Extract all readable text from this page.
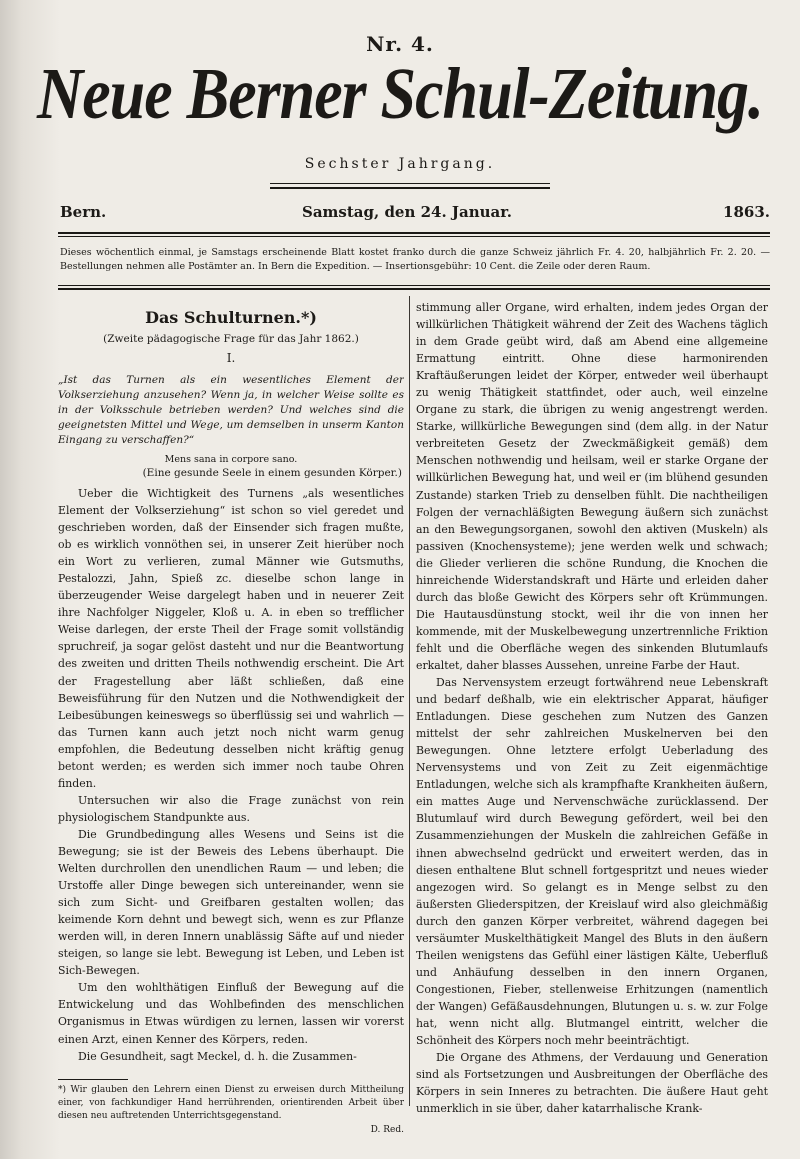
Nr. 4.
Neue Berner Schul-Zeitung.
Sechster Jahrgang.
Bern.	Samstag, den 24. Januar.	1863.
Dieses wöchentlich einmal, je Samstags erscheinende Blatt kostet franko durch die ganze Schweiz jährlich Fr. 4. 20, halbjährlich Fr. 2. 20. — Bestellungen nehmen alle Postämter an. In Bern die Expedition. — Insertionsgebühr: 10 Cent. die Zeile oder deren Raum.
Das Schulturnen.*)
(Zweite pädagogische Frage für das Jahr 1862.)
I.
„Ist das Turnen als ein wesentliches Element der Volkserziehung anzusehen? Wenn ja, in welcher Weise sollte es in der Volksschule betrieben werden? Und welches sind die geeignetsten Mittel und Wege, um demselben in unserm Kanton Eingang zu verschaffen?“
Mens sana in corpore sano.
(Eine gesunde Seele in einem gesunden Körper.)

Ueber die Wichtigkeit des Turnens „als wesentliches Element der Volkserziehung“ ist schon so viel geredet und geschrieben worden, daß der Einsender sich fragen mußte, ob es wirklich vonnöthen sei, in unserer Zeit hierüber noch ein Wort zu verlieren, zumal Männer wie Gutsmuths, Pestalozzi, Jahn, Spieß zc. dieselbe schon lange in überzeugender Weise dargelegt haben und in neuerer Zeit ihre Nachfolger Niggeler, Kloß u. A. in eben so trefflicher Weise darlegen, der erste Theil der Frage somit vollständig spruchreif, ja sogar gelöst dasteht und nur die Beantwortung des zweiten und dritten Theils nothwendig erscheint. Die Art der Fragestellung aber läßt schließen, daß eine Beweisführung für den Nutzen und die Nothwendigkeit der Leibesübungen keineswegs so überflüssig sei und wahrlich — das Turnen kann auch jetzt noch nicht warm genug empfohlen, die Bedeutung desselben nicht kräftig genug betont werden; es werden sich immer noch taube Ohren finden.

Untersuchen wir also die Frage zunächst von rein physiologischem Standpunkte aus.

Die Grundbedingung alles Wesens und Seins ist die Bewegung; sie ist der Beweis des Lebens überhaupt. Die Welten durchrollen den unendlichen Raum — und leben; die Urstoffe aller Dinge bewegen sich untereinander, wenn sie sich zum Sicht- und Greifbaren gestalten wollen; das keimende Korn dehnt und bewegt sich, wenn es zur Pflanze werden will, in deren Innern unablässig Säfte auf und nieder steigen, so lange sie lebt. Bewegung ist Leben, und Leben ist Sich-Bewegen.

Um den wohlthätigen Einfluß der Bewegung auf die Entwickelung und das Wohlbefinden des menschlichen Organismus in Etwas würdigen zu lernen, lassen wir vorerst einen Arzt, einen Kenner des Körpers, reden.

Die Gesundheit, sagt Meckel, d. h. die Zusammen-

*) Wir glauben den Lehrern einen Dienst zu erweisen durch Mittheilung einer, von fachkundiger Hand herrührenden, orientirenden Arbeit über diesen neu auftretenden Unterrichtsgegenstand.
D. Red.

stimmung aller Organe, wird erhalten, indem jedes Organ der willkürlichen Thätigkeit während der Zeit des Wachens täglich in dem Grade geübt wird, daß am Abend eine allgemeine Ermattung eintritt. Ohne diese harmonirenden Kraftäußerungen leidet der Körper, entweder weil überhaupt zu wenig Thätigkeit stattfindet, oder auch, weil einzelne Organe zu stark, die übrigen zu wenig angestrengt werden. Starke, willkürliche Bewegungen sind (dem allg. in der Natur verbreiteten Gesetz der Zweckmäßigkeit gemäß) dem Menschen nothwendig und heilsam, weil er starke Organe der willkürlichen Bewegung hat, und weil er (im blühend gesunden Zustande) starken Trieb zu denselben fühlt. Die nachtheiligen Folgen der vernachläßigten Bewegung äußern sich zunächst an den Bewegungsorganen, sowohl den aktiven (Muskeln) als passiven (Knochensysteme); jene werden welk und schwach; die Glieder verlieren die schöne Rundung, die Knochen die hinreichende Widerstandskraft und Härte und erleiden daher durch das bloße Gewicht des Körpers sehr oft Krümmungen. Die Hautausdünstung stockt, weil ihr die von innen her kommende, mit der Muskelbewegung unzertrennliche Friktion fehlt und die Oberfläche wegen des sinkenden Blutumlaufs erkaltet, daher blasses Aussehen, unreine Farbe der Haut.

Das Nervensystem erzeugt fortwährend neue Lebenskraft und bedarf deßhalb, wie ein elektrischer Apparat, häufiger Entladungen. Diese geschehen zum Nutzen des Ganzen mittelst der sehr zahlreichen Muskelnerven bei den Bewegungen. Ohne letztere erfolgt Ueberladung des Nervensystems und von Zeit zu Zeit eigenmächtige Entladungen, welche sich als krampfhafte Krankheiten äußern, ein mattes Auge und Nervenschwäche zurücklassend. Der Blutumlauf wird durch Bewegung gefördert, weil bei den Zusammenziehungen der Muskeln die zahlreichen Gefäße in ihnen abwechselnd gedrückt und erweitert werden, das in diesen enthaltene Blut schnell fortgespritzt und neues wieder angezogen wird. So gelangt es in Menge selbst zu den äußersten Gliederspitzen, der Kreislauf wird also gleichmäßig durch den ganzen Körper verbreitet, während dagegen bei versäumter Muskelthätigkeit Mangel des Bluts in den äußern Theilen wenigstens das Gefühl einer lästigen Kälte, Ueberfluß und Anhäufung desselben in den innern Organen, Congestionen, Fieber, stellenweise Erhitzungen (namentlich der Wangen) Gefäßausdehnungen, Blutungen u. s. w. zur Folge hat, wenn nicht allg. Blutmangel eintritt, welcher die Schönheit des Körpers noch mehr beeinträchtigt.

Die Organe des Athmens, der Verdauung und Generation sind als Fortsetzungen und Ausbreitungen der Oberfläche des Körpers in sein Inneres zu betrachten. Die äußere Haut geht unmerklich in sie über, daher katarrhalische Krank-
